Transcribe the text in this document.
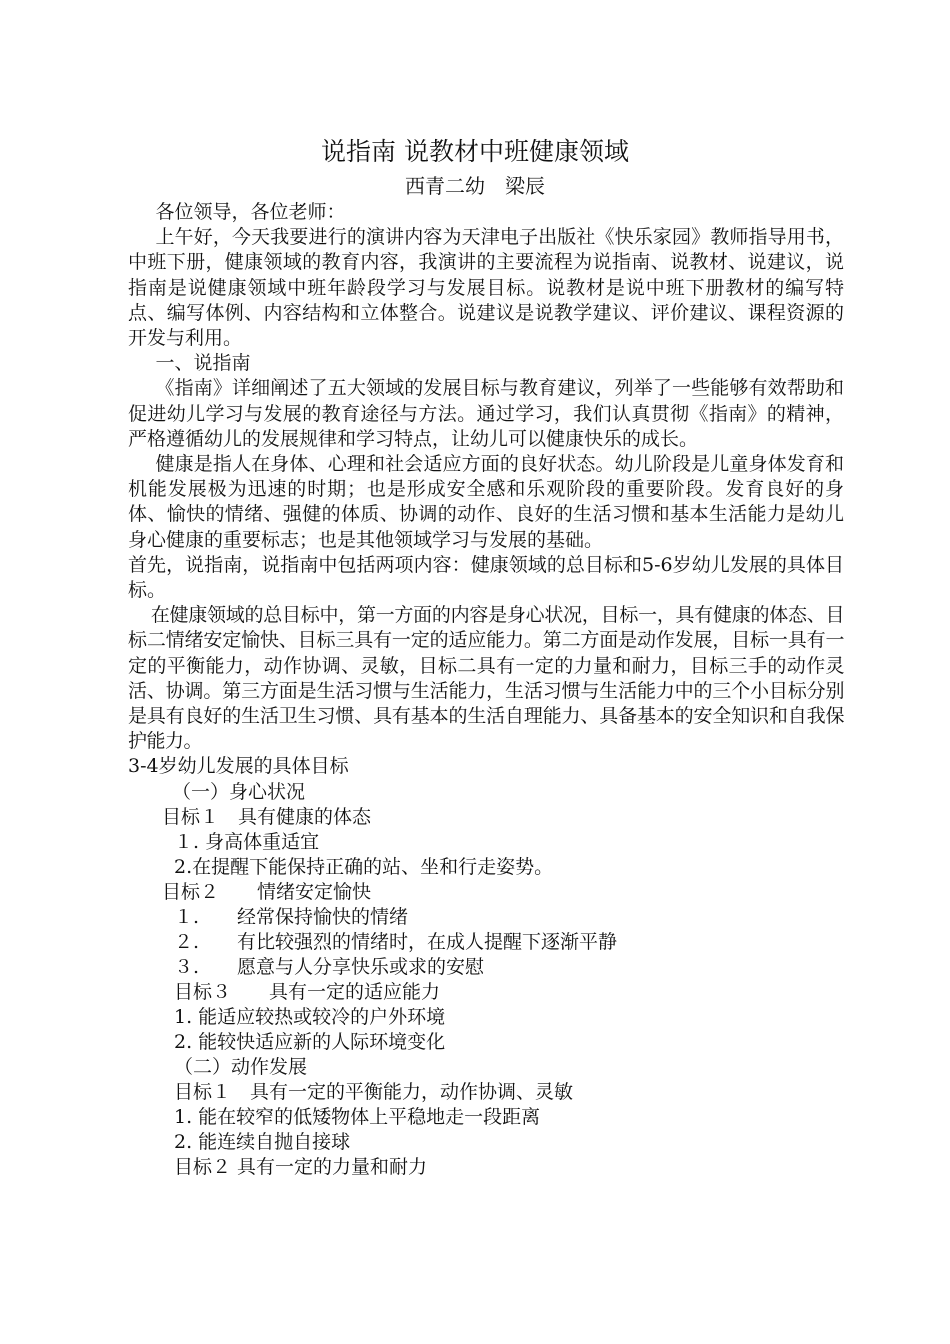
说指南 说教材中班健康领域
西青二幼　梁辰

各位领导，各位老师：

上午好，今天我要进行的演讲内容为天津电子出版社《快乐家园》教师指导用书，中班下册，健康领域的教育内容，我演讲的主要流程为说指南、说教材、说建议，说指南是说健康领域中班年龄段学习与发展目标。说教材是说中班下册教材的编写特点、编写体例、内容结构和立体整合。说建议是说教学建议、评价建议、课程资源的开发与利用。

一、说指南

《指南》详细阐述了五大领域的发展目标与教育建议，列举了一些能够有效帮助和促进幼儿学习与发展的教育途径与方法。通过学习，我们认真贯彻《指南》的精神，严格遵循幼儿的发展规律和学习特点，让幼儿可以健康快乐的成长。

健康是指人在身体、心理和社会适应方面的良好状态。幼儿阶段是儿童身体发育和机能发展极为迅速的时期；也是形成安全感和乐观阶段的重要阶段。发育良好的身体、愉快的情绪、强健的体质、协调的动作、良好的生活习惯和基本生活能力是幼儿身心健康的重要标志；也是其他领域学习与发展的基础。

首先，说指南，说指南中包括两项内容：健康领域的总目标和5-6岁幼儿发展的具体目标。

在健康领域的总目标中，第一方面的内容是身心状况，目标一，具有健康的体态、目标二情绪安定愉快、目标三具有一定的适应能力。第二方面是动作发展，目标一具有一定的平衡能力，动作协调、灵敏，目标二具有一定的力量和耐力，目标三手的动作灵活、协调。第三方面是生活习惯与生活能力，生活习惯与生活能力中的三个小目标分别是具有良好的生活卫生习惯、具有基本的生活自理能力、具备基本的安全知识和自我保护能力。

3-4岁幼儿发展的具体目标

（一）身心状况

目标１　具有健康的体态

１. 身高体重适宜

2.在提醒下能保持正确的站、坐和行走姿势。

目标２　　情绪安定愉快

１.　　经常保持愉快的情绪

２.　　有比较强烈的情绪时，在成人提醒下逐渐平静

３.　　愿意与人分享快乐或求的安慰

目标３　　具有一定的适应能力

1. 能适应较热或较冷的户外环境

2. 能较快适应新的人际环境变化

（二）动作发展

目标１　具有一定的平衡能力，动作协调、灵敏

1. 能在较窄的低矮物体上平稳地走一段距离

2. 能连续自抛自接球

目标２ 具有一定的力量和耐力
